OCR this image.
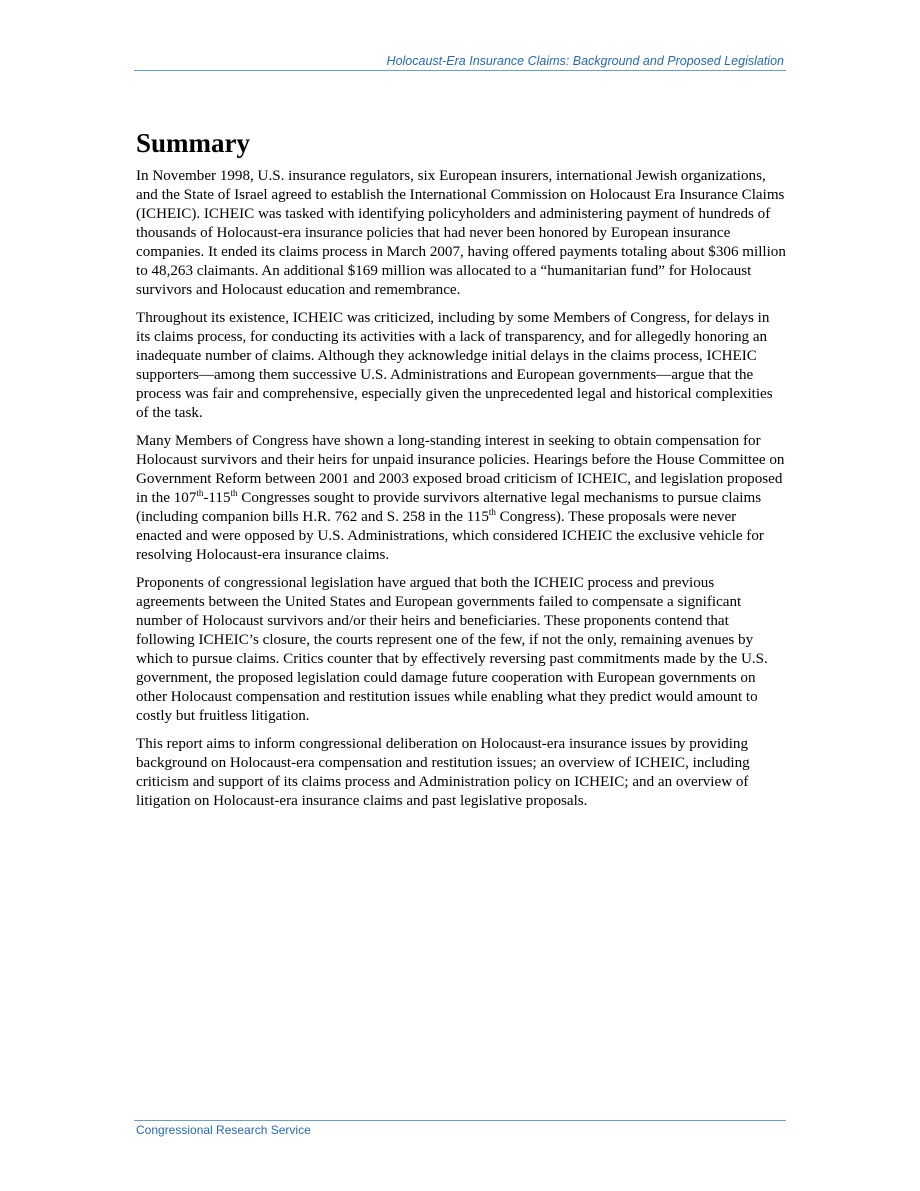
Holocaust-Era Insurance Claims: Background and Proposed Legislation
Summary

In November 1998, U.S. insurance regulators, six European insurers, international Jewish organizations, and the State of Israel agreed to establish the International Commission on Holocaust Era Insurance Claims (ICHEIC). ICHEIC was tasked with identifying policyholders and administering payment of hundreds of thousands of Holocaust-era insurance policies that had never been honored by European insurance companies. It ended its claims process in March 2007, having offered payments totaling about $306 million to 48,263 claimants. An additional $169 million was allocated to a “humanitarian fund” for Holocaust survivors and Holocaust education and remembrance.

Throughout its existence, ICHEIC was criticized, including by some Members of Congress, for delays in its claims process, for conducting its activities with a lack of transparency, and for allegedly honoring an inadequate number of claims. Although they acknowledge initial delays in the claims process, ICHEIC supporters—among them successive U.S. Administrations and European governments—argue that the process was fair and comprehensive, especially given the unprecedented legal and historical complexities of the task.

Many Members of Congress have shown a long-standing interest in seeking to obtain compensation for Holocaust survivors and their heirs for unpaid insurance policies. Hearings before the House Committee on Government Reform between 2001 and 2003 exposed broad criticism of ICHEIC, and legislation proposed in the 107th-115th Congresses sought to provide survivors alternative legal mechanisms to pursue claims (including companion bills H.R. 762 and S. 258 in the 115th Congress). These proposals were never enacted and were opposed by U.S. Administrations, which considered ICHEIC the exclusive vehicle for resolving Holocaust-era insurance claims.

Proponents of congressional legislation have argued that both the ICHEIC process and previous agreements between the United States and European governments failed to compensate a significant number of Holocaust survivors and/or their heirs and beneficiaries. These proponents contend that following ICHEIC’s closure, the courts represent one of the few, if not the only, remaining avenues by which to pursue claims. Critics counter that by effectively reversing past commitments made by the U.S. government, the proposed legislation could damage future cooperation with European governments on other Holocaust compensation and restitution issues while enabling what they predict would amount to costly but fruitless litigation.

This report aims to inform congressional deliberation on Holocaust-era insurance issues by providing background on Holocaust-era compensation and restitution issues; an overview of ICHEIC, including criticism and support of its claims process and Administration policy on ICHEIC; and an overview of litigation on Holocaust-era insurance claims and past legislative proposals.

Congressional Research Service
